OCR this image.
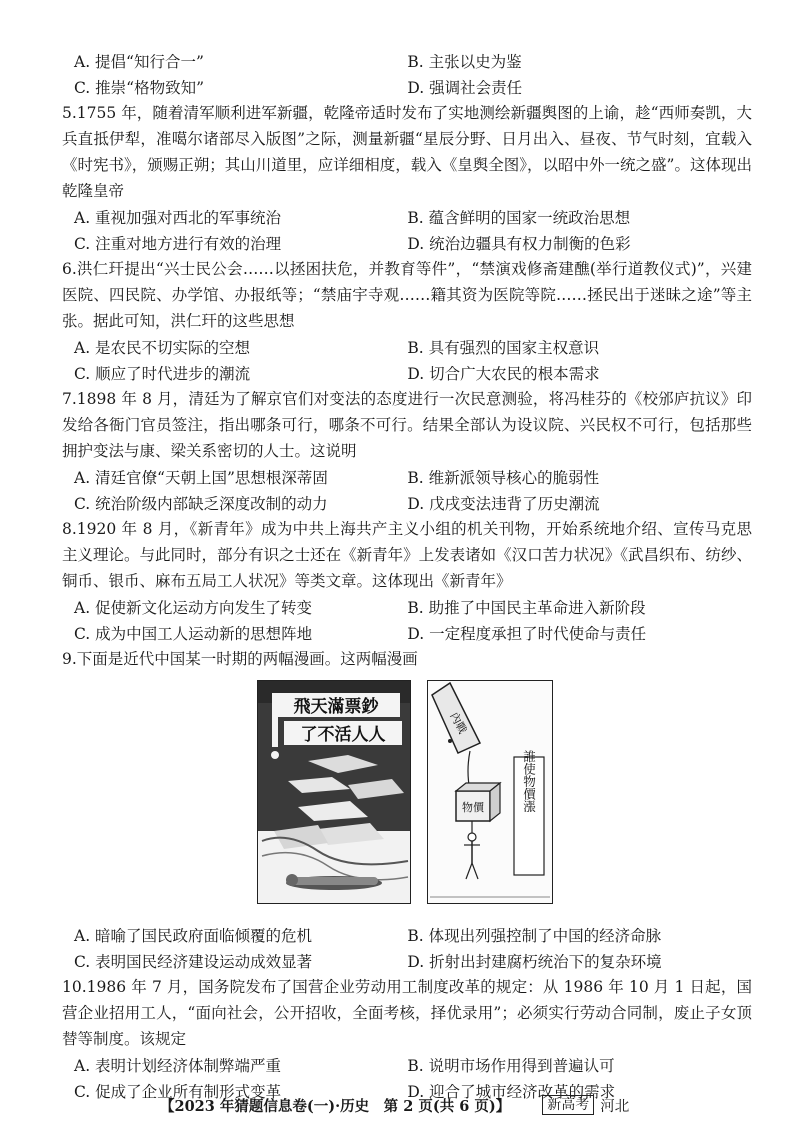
A. 提倡“知行合一”	B. 主张以史为鉴
C. 推崇“格物致知”	D. 强调社会责任

5.1755 年，随着清军顺利进军新疆，乾隆帝适时发布了实地测绘新疆舆图的上谕，趁“西师奏凯，大兵直抵伊犁，准噶尔诸部尽入版图”之际，测量新疆“星辰分野、日月出入、昼夜、节气时刻，宜载入《时宪书》，颁赐正朔；其山川道里，应详细相度，载入《皇舆全图》，以昭中外一统之盛”。这体现出乾隆皇帝

A. 重视加强对西北的军事统治	B. 蕴含鲜明的国家一统政治思想
C. 注重对地方进行有效的治理	D. 统治边疆具有权力制衡的色彩

6.洪仁玕提出“兴士民公会……以拯困扶危，并教育等件”，“禁演戏修斋建醮(举行道教仪式)”，兴建医院、四民院、办学馆、办报纸等；“禁庙宇寺观……籍其资为医院等院……拯民出于迷昧之途”等主张。据此可知，洪仁玕的这些思想

A. 是农民不切实际的空想	B. 具有强烈的国家主权意识
C. 顺应了时代进步的潮流	D. 切合广大农民的根本需求

7.1898 年 8 月，清廷为了解京官们对变法的态度进行一次民意测验，将冯桂芬的《校邠庐抗议》印发给各衙门官员签注，指出哪条可行，哪条不可行。结果全部认为设议院、兴民权不可行，包括那些拥护变法与康、梁关系密切的人士。这说明

A. 清廷官僚“天朝上国”思想根深蒂固	B. 维新派领导核心的脆弱性
C. 统治阶级内部缺乏深度改制的动力	D. 戊戌变法违背了历史潮流

8.1920 年 8 月，《新青年》成为中共上海共产主义小组的机关刊物，开始系统地介绍、宣传马克思主义理论。与此同时，部分有识之士还在《新青年》上发表诸如《汉口苦力状况》《武昌织布、纺纱、铜币、银币、麻布五局工人状况》等类文章。这体现出《新青年》

A. 促使新文化运动方向发生了转变	B. 助推了中国民主革命进入新阶段
C. 成为中国工人运动新的思想阵地	D. 一定程度承担了时代使命与责任

9.下面是近代中国某一时期的两幅漫画。这两幅漫画

飛天滿票鈔
了不活人人	內戰
物價	誰使物價漲
A. 暗喻了国民政府面临倾覆的危机	B. 体现出列强控制了中国的经济命脉
C. 表明国民经济建设运动成效显著	D. 折射出封建腐朽统治下的复杂环境

10.1986 年 7 月，国务院发布了国营企业劳动用工制度改革的规定：从 1986 年 10 月 1 日起，国营企业招用工人，“面向社会，公开招收，全面考核，择优录用”；必须实行劳动合同制，废止子女顶替等制度。该规定

A. 表明计划经济体制弊端严重	B. 说明市场作用得到普遍认可
C. 促成了企业所有制形式变革	D. 迎合了城市经济改革的需求
【2023 年猜题信息卷(一)·历史　第 2 页(共 6 页)】	新高考 河北
